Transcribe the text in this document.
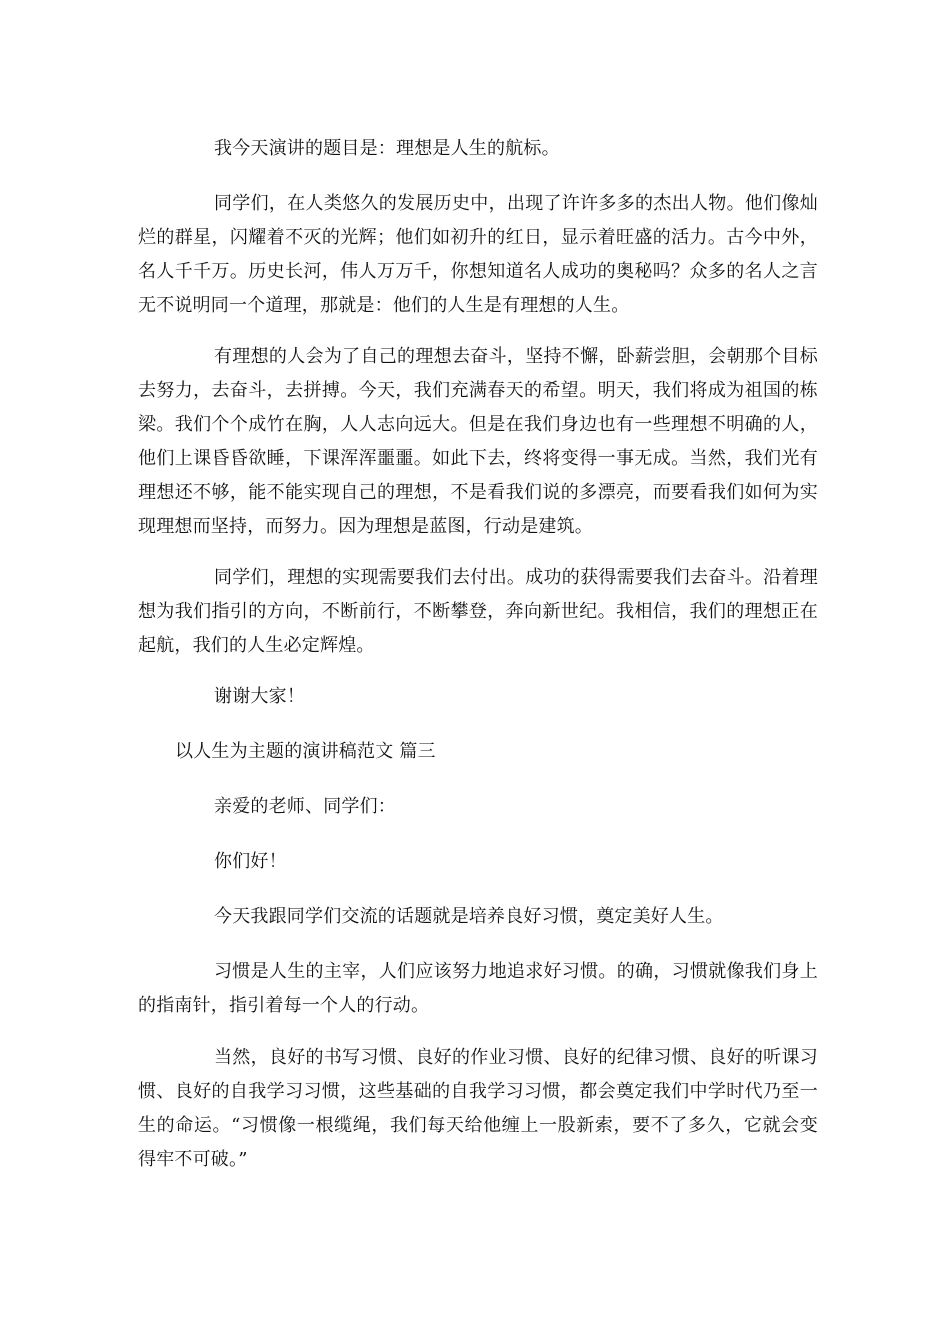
我今天演讲的题目是：理想是人生的航标。

同学们，在人类悠久的发展历史中，出现了许许多多的杰出人物。他们像灿烂的群星，闪耀着不灭的光辉；他们如初升的红日，显示着旺盛的活力。古今中外，名人千千万。历史长河，伟人万万千，你想知道名人成功的奥秘吗？众多的名人之言无不说明同一个道理，那就是：他们的人生是有理想的人生。

有理想的人会为了自己的理想去奋斗，坚持不懈，卧薪尝胆，会朝那个目标去努力，去奋斗，去拼搏。今天，我们充满春天的希望。明天，我们将成为祖国的栋梁。我们个个成竹在胸，人人志向远大。但是在我们身边也有一些理想不明确的人，他们上课昏昏欲睡，下课浑浑噩噩。如此下去，终将变得一事无成。当然，我们光有理想还不够，能不能实现自己的理想，不是看我们说的多漂亮，而要看我们如何为实现理想而坚持，而努力。因为理想是蓝图，行动是建筑。

同学们，理想的实现需要我们去付出。成功的获得需要我们去奋斗。沿着理想为我们指引的方向，不断前行，不断攀登，奔向新世纪。我相信，我们的理想正在起航，我们的人生必定辉煌。

谢谢大家！

以人生为主题的演讲稿范文 篇三

亲爱的老师、同学们：

你们好！

今天我跟同学们交流的话题就是培养良好习惯，奠定美好人生。

习惯是人生的主宰，人们应该努力地追求好习惯。的确，习惯就像我们身上的指南针，指引着每一个人的行动。

当然，良好的书写习惯、良好的作业习惯、良好的纪律习惯、良好的听课习惯、良好的自我学习习惯，这些基础的自我学习习惯，都会奠定我们中学时代乃至一生的命运。“习惯像一根缆绳，我们每天给他缠上一股新索，要不了多久，它就会变得牢不可破。”
